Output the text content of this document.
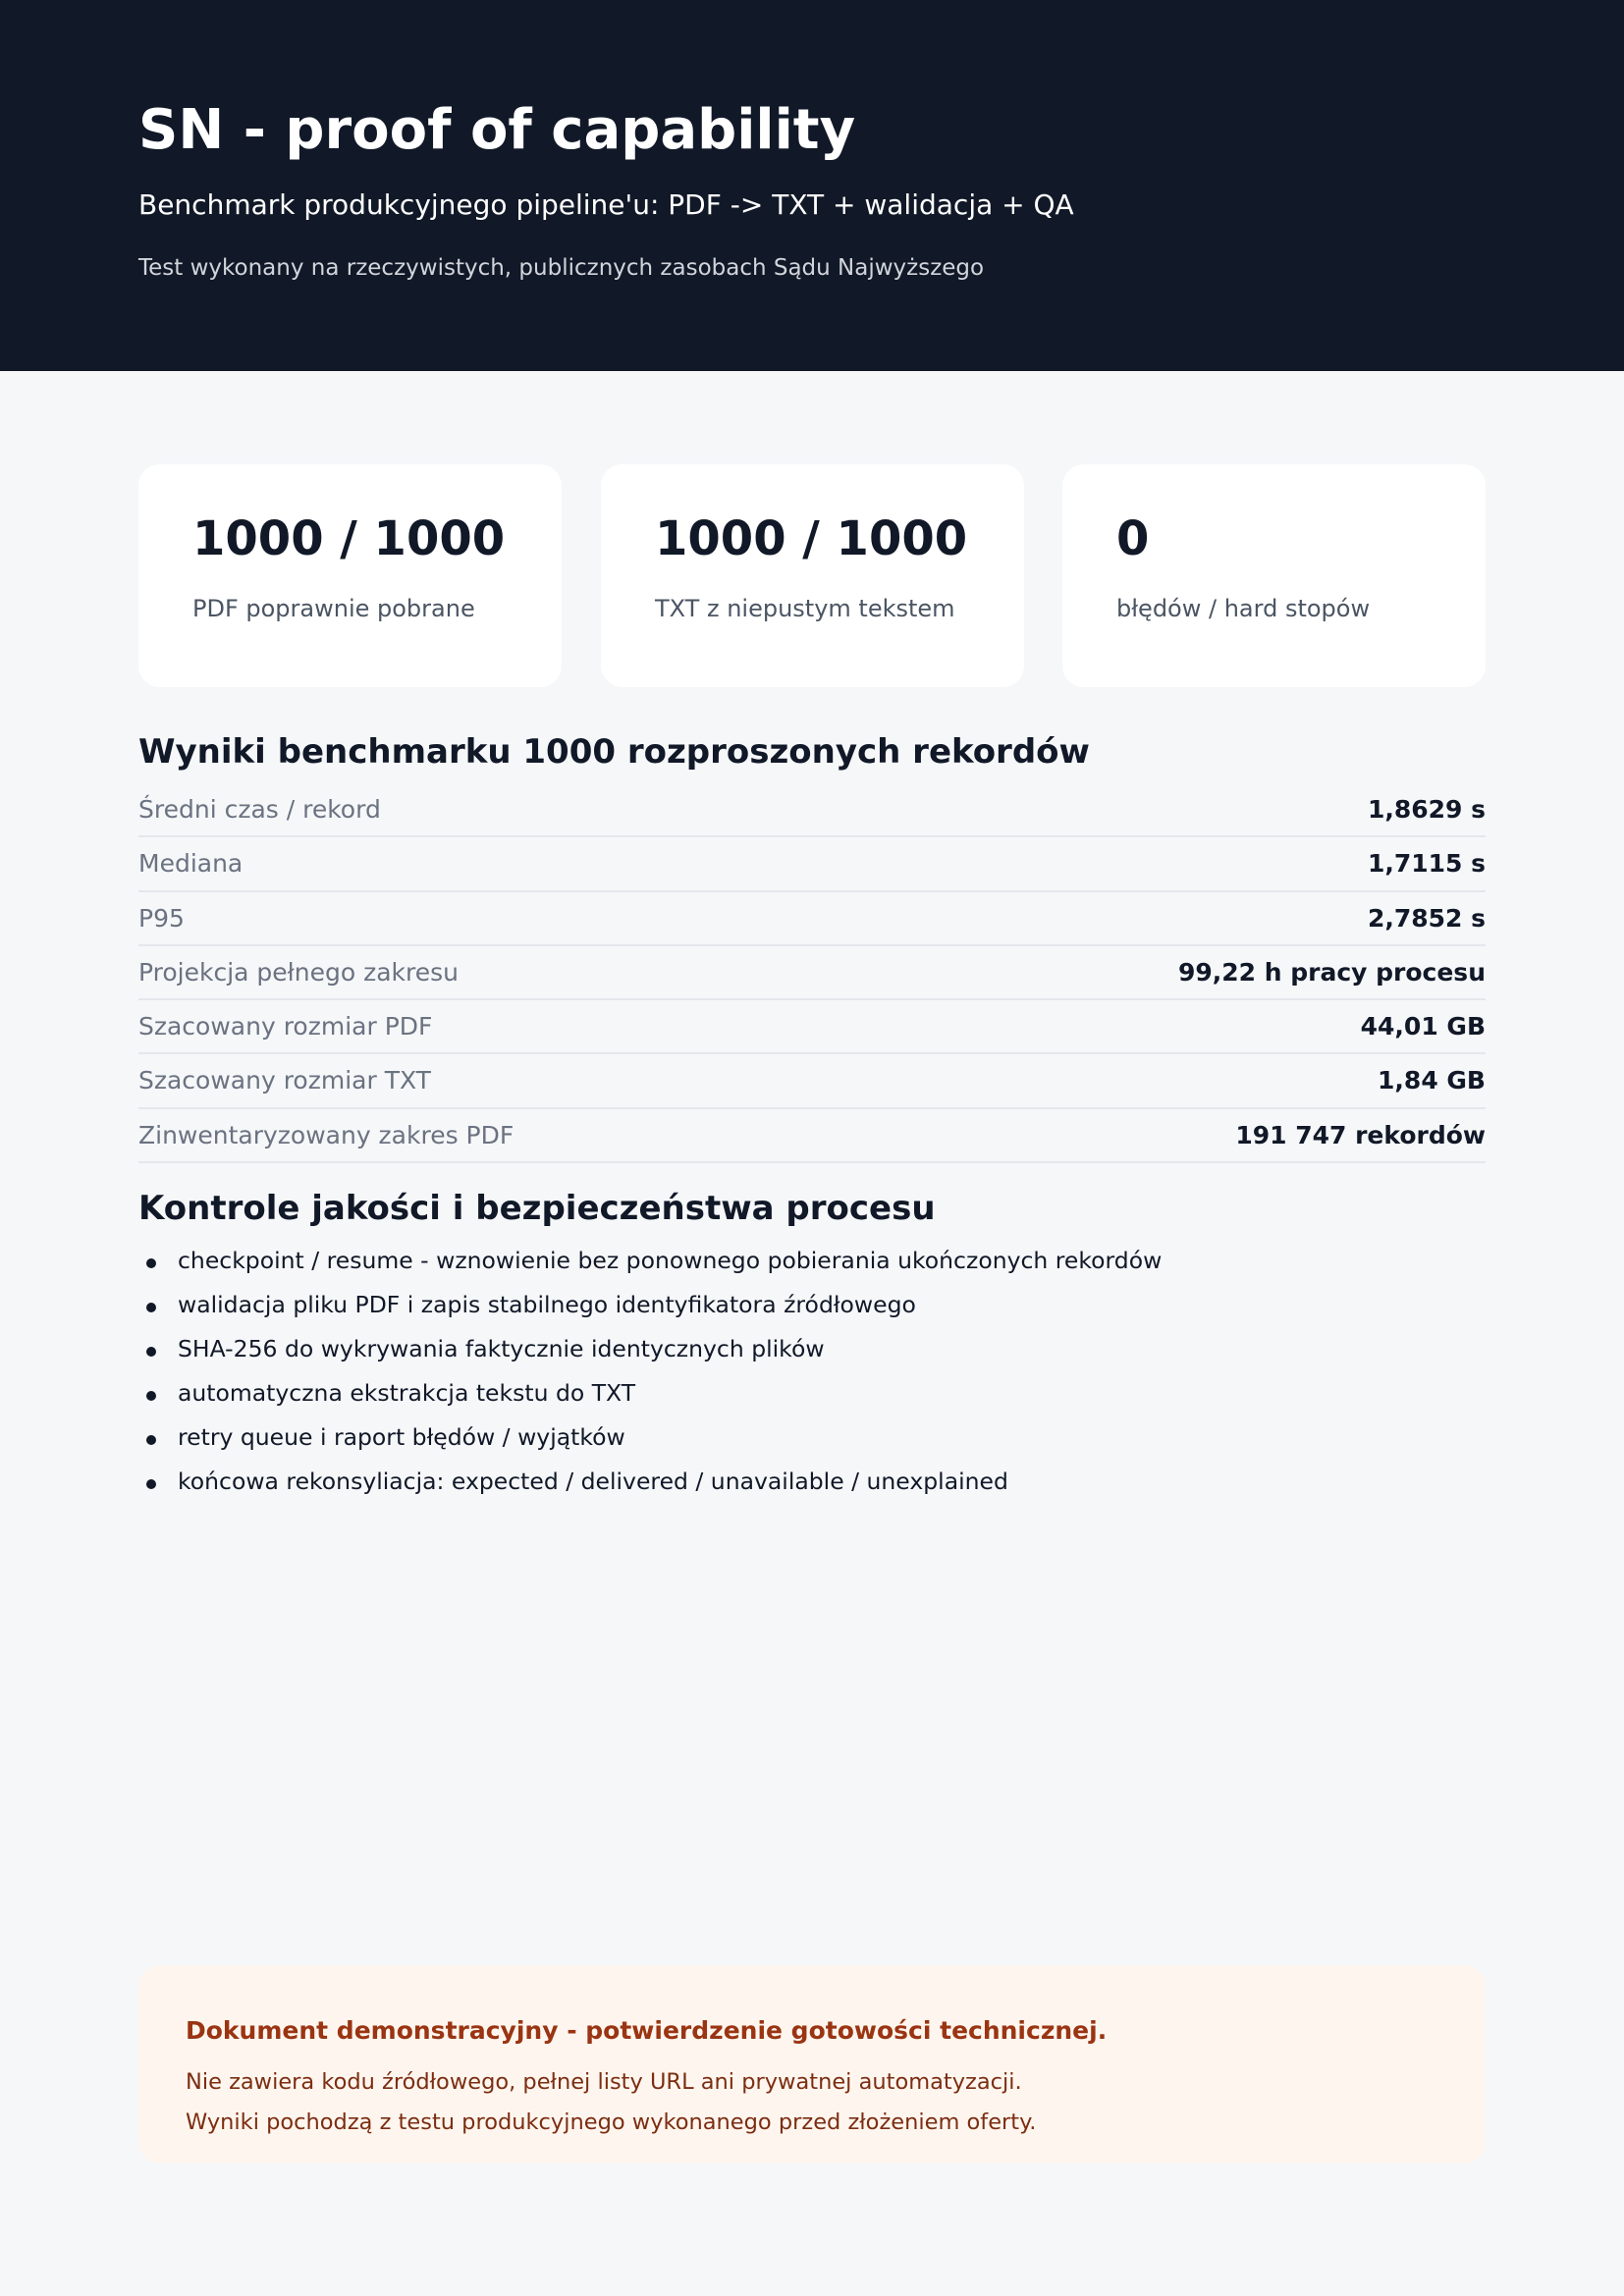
SN - proof of capability
Benchmark produkcyjnego pipeline'u: PDF -> TXT + walidacja + QA
Test wykonany na rzeczywistych, publicznych zasobach Sądu Najwyższego
1000 / 1000
PDF poprawnie pobrane
1000 / 1000
TXT z niepustym tekstem
0
błędów / hard stopów
Wyniki benchmarku 1000 rozproszonych rekordów
Średni czas / rekord	1,8629 s
Mediana	1,7115 s
P95	2,7852 s
Projekcja pełnego zakresu	99,22 h pracy procesu
Szacowany rozmiar PDF	44,01 GB
Szacowany rozmiar TXT	1,84 GB
Zinwentaryzowany zakres PDF	191 747 rekordów
Kontrole jakości i bezpieczeństwa procesu
checkpoint / resume - wznowienie bez ponownego pobierania ukończonych rekordów
walidacja pliku PDF i zapis stabilnego identyfikatora źródłowego
SHA-256 do wykrywania faktycznie identycznych plików
automatyczna ekstrakcja tekstu do TXT
retry queue i raport błędów / wyjątków
końcowa rekonsyliacja: expected / delivered / unavailable / unexplained
Dokument demonstracyjny - potwierdzenie gotowości technicznej.
Nie zawiera kodu źródłowego, pełnej listy URL ani prywatnej automatyzacji.
Wyniki pochodzą z testu produkcyjnego wykonanego przed złożeniem oferty.
